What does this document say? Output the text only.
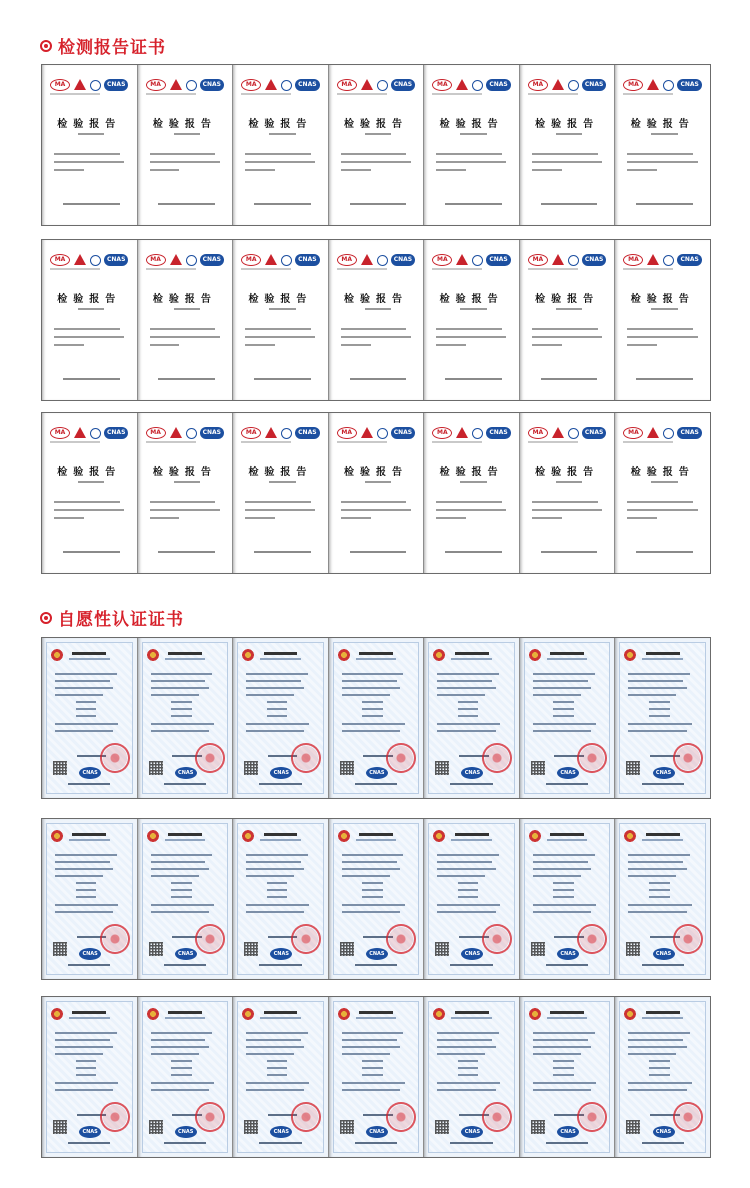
检测报告证书
MA	CNAS
检验报告
MA	CNAS
检验报告
MA	CNAS
检验报告
MA	CNAS
检验报告
MA	CNAS
检验报告
MA	CNAS
检验报告
MA	CNAS
检验报告
MA	CNAS
检验报告
MA	CNAS
检验报告
MA	CNAS
检验报告
MA	CNAS
检验报告
MA	CNAS
检验报告
MA	CNAS
检验报告
MA	CNAS
检验报告
MA	CNAS
检验报告
MA	CNAS
检验报告
MA	CNAS
检验报告
MA	CNAS
检验报告
MA	CNAS
检验报告
MA	CNAS
检验报告
MA	CNAS
检验报告
自愿性认证证书
CNAS	CNAS	CNAS	CNAS	CNAS	CNAS	CNAS
CNAS	CNAS	CNAS	CNAS	CNAS	CNAS	CNAS
CNAS	CNAS	CNAS	CNAS	CNAS	CNAS	CNAS
